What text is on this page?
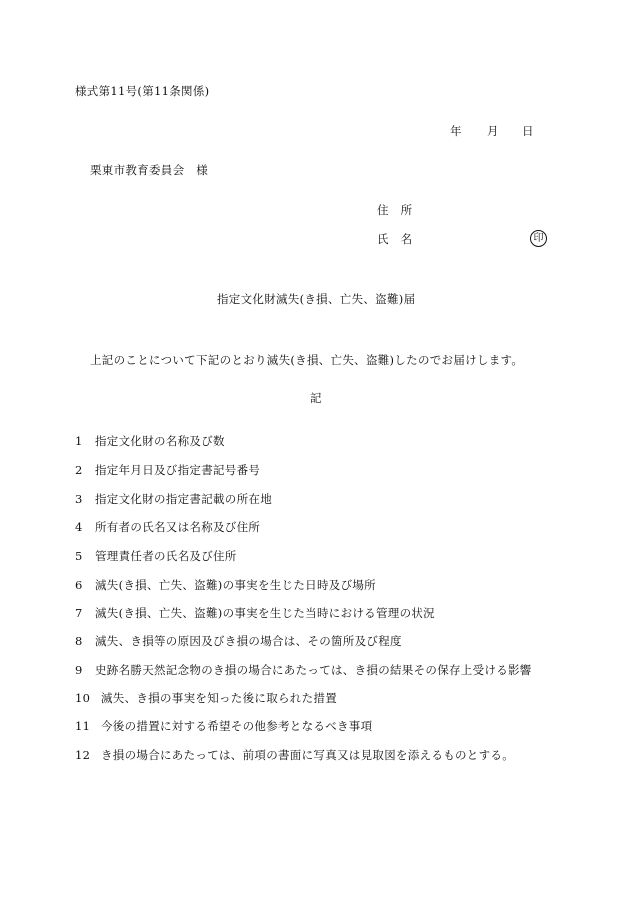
様式第11号(第11条関係)
年 月 日
栗東市教育委員会　様
住　所
氏　名	印
指定文化財滅失(き損、亡失、盗難)届
上記のことについて下記のとおり滅失(き損、亡失、盗難)したのでお届けします。
記
1 指定文化財の名称及び数
2 指定年月日及び指定書記号番号
3 指定文化財の指定書記載の所在地
4 所有者の氏名又は名称及び住所
5 管理責任者の氏名及び住所
6 滅失(き損、亡失、盗難)の事実を生じた日時及び場所
7 滅失(き損、亡失、盗難)の事実を生じた当時における管理の状況
8 滅失、き損等の原因及びき損の場合は、その箇所及び程度
9 史跡名勝天然記念物のき損の場合にあたっては、き損の結果その保存上受ける影響
10 滅失、き損の事実を知った後に取られた措置
11 今後の措置に対する希望その他参考となるべき事項
12 き損の場合にあたっては、前項の書面に写真又は見取図を添えるものとする。
